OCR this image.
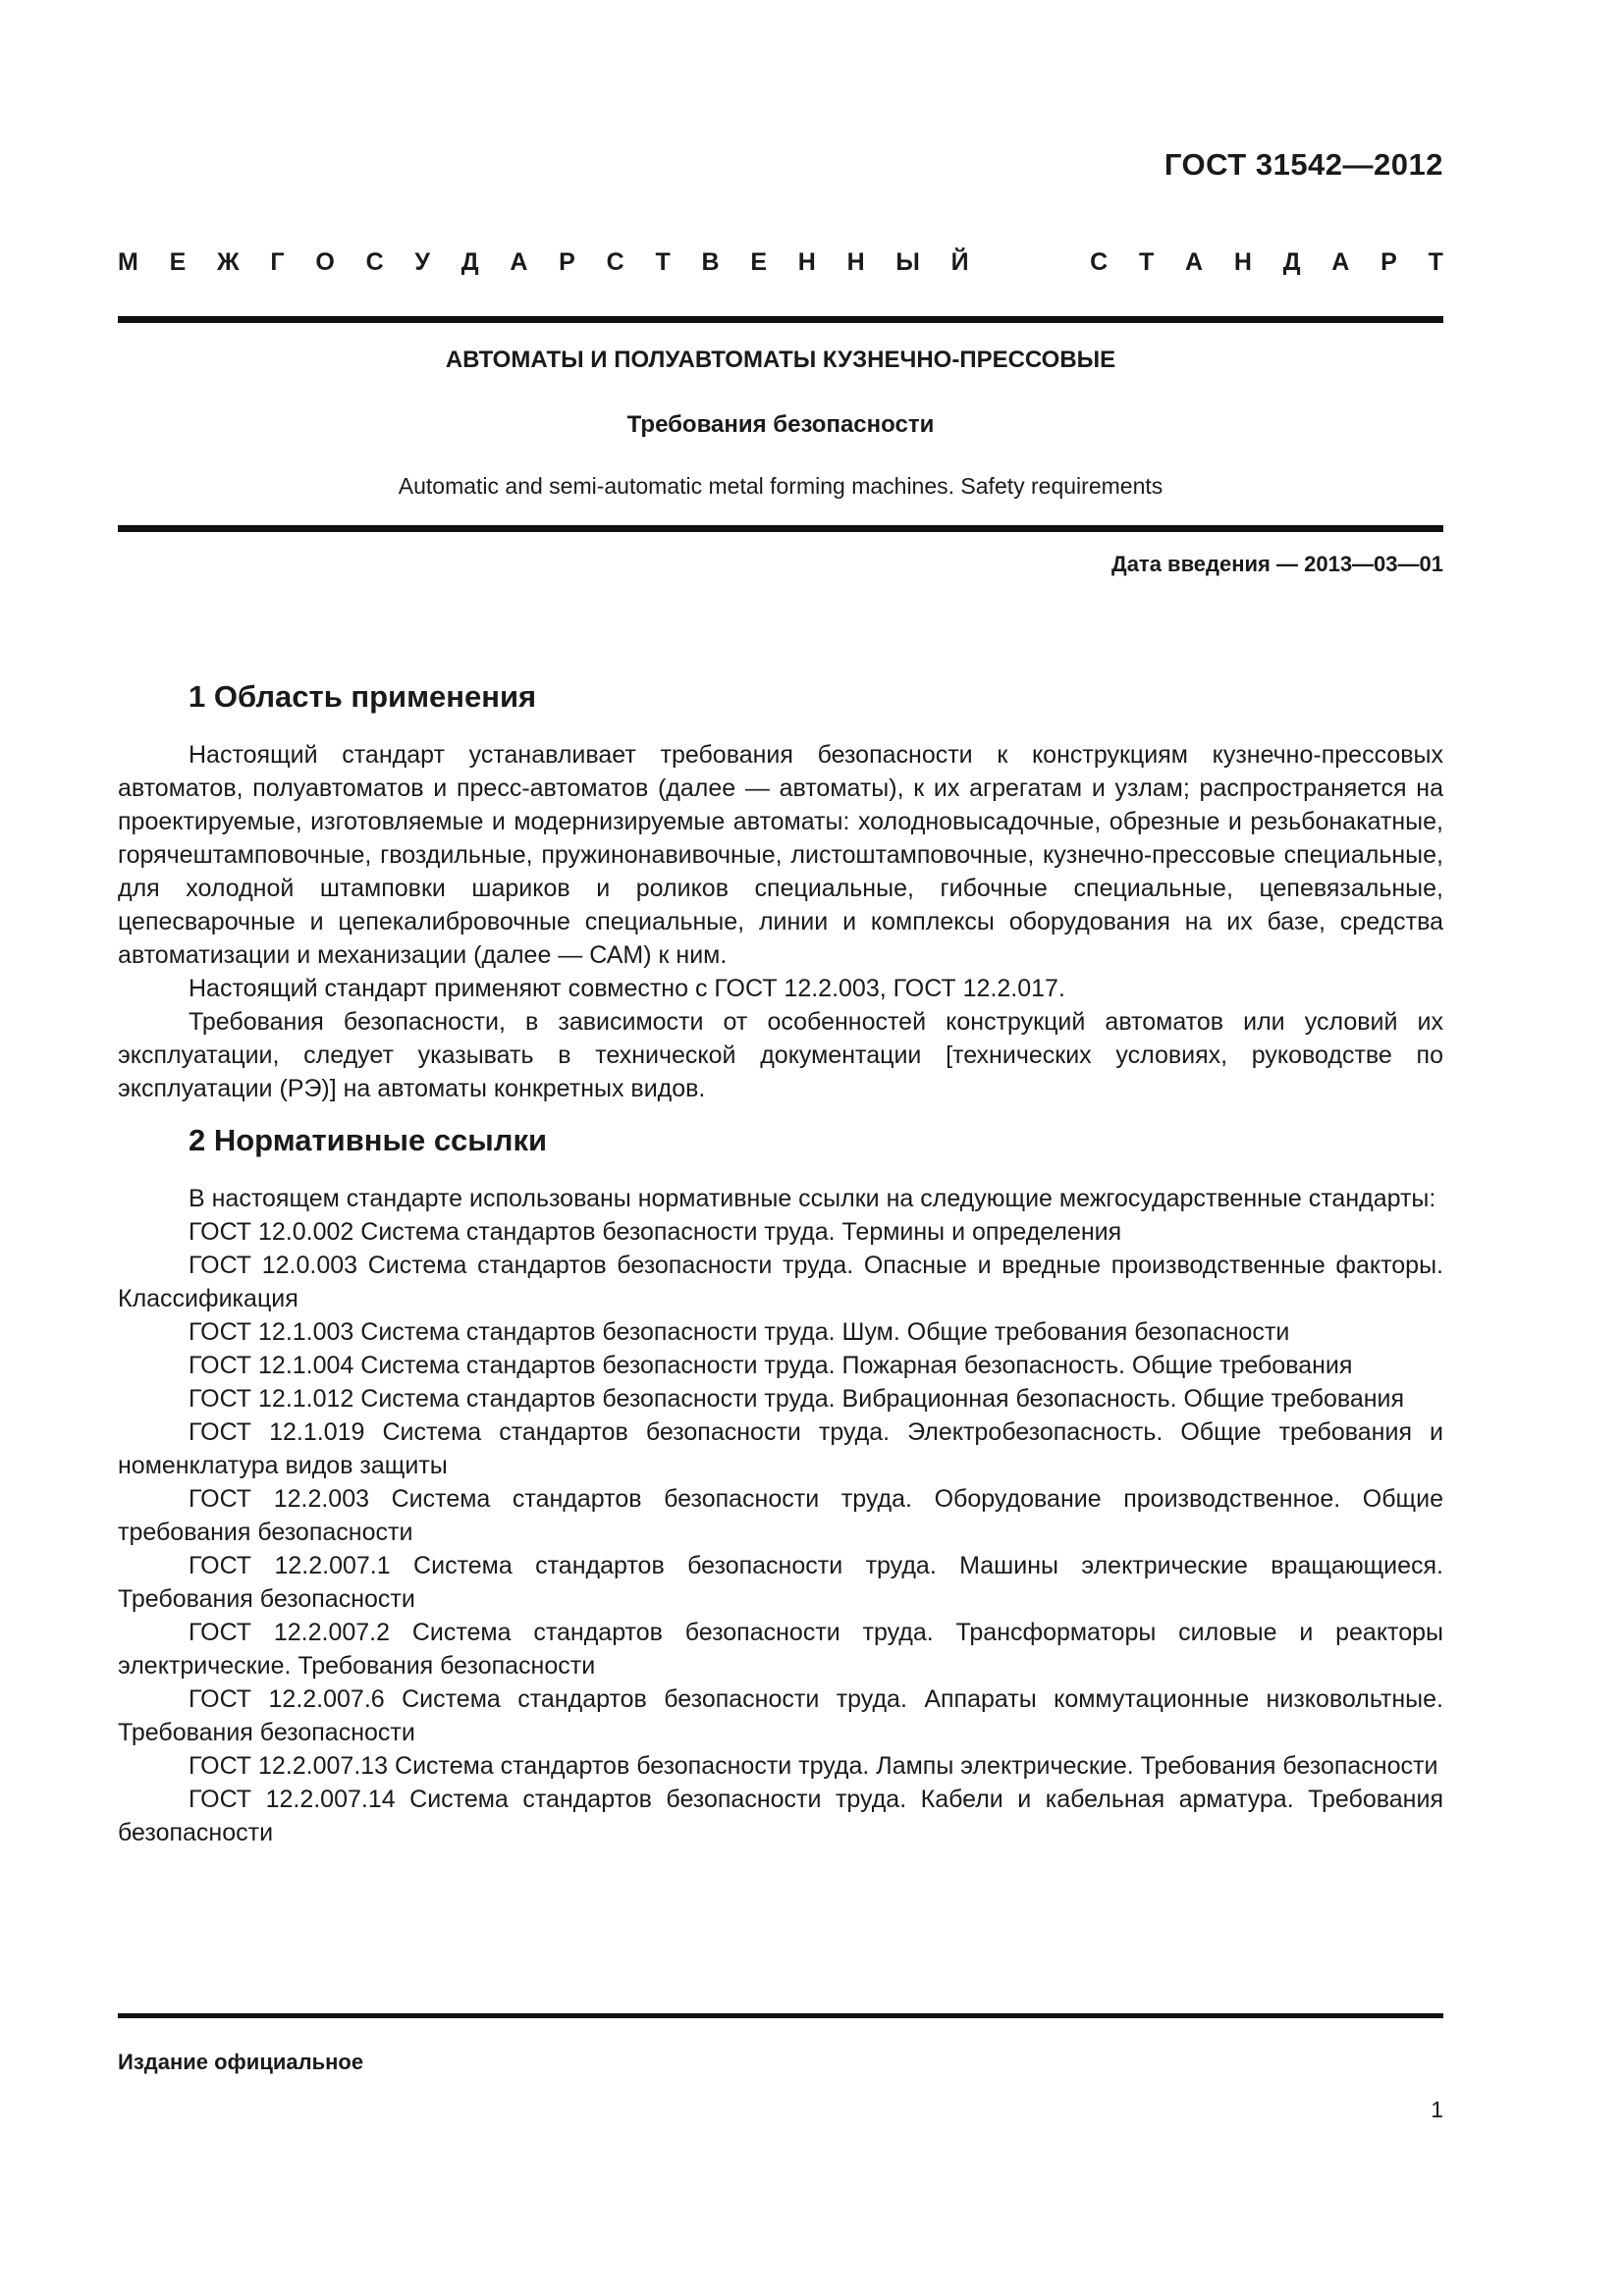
ГОСТ 31542—2012
М Е Ж Г О С У Д А Р С Т В Е Н Н Ы Й	С Т А Н Д А Р Т
АВТОМАТЫ И ПОЛУАВТОМАТЫ КУЗНЕЧНО-ПРЕССОВЫЕ
Требования безопасности
Automatic and semi-automatic metal forming machines. Safety requirements
Дата введения — 2013—03—01
1 Область применения

Настоящий стандарт устанавливает требования безопасности к конструкциям кузнечно-прессовых автоматов, полуавтоматов и пресс-автоматов (далее — автоматы), к их агрегатам и узлам; распространяется на проектируемые, изготовляемые и модернизируемые автоматы: холодновысадочные, обрезные и резьбонакатные, горячештамповочные, гвоздильные, пружинонавивочные, листоштамповочные, кузнечно-прессовые специальные, для холодной штамповки шариков и роликов специальные, гибочные специальные, цепевязальные, цепесварочные и цепекалибровочные специальные, линии и комплексы оборудования на их базе, средства автоматизации и механизации (далее — САМ) к ним.

Настоящий стандарт применяют совместно с ГОСТ 12.2.003, ГОСТ 12.2.017.

Требования безопасности, в зависимости от особенностей конструкций автоматов или условий их эксплуатации, следует указывать в технической документации [технических условиях, руководстве по эксплуатации (РЭ)] на автоматы конкретных видов.

2 Нормативные ссылки

В настоящем стандарте использованы нормативные ссылки на следующие межгосударственные стандарты:

ГОСТ 12.0.002 Система стандартов безопасности труда. Термины и определения

ГОСТ 12.0.003 Система стандартов безопасности труда. Опасные и вредные производственные факторы. Классификация

ГОСТ 12.1.003 Система стандартов безопасности труда. Шум. Общие требования безопасности

ГОСТ 12.1.004 Система стандартов безопасности труда. Пожарная безопасность. Общие требования

ГОСТ 12.1.012 Система стандартов безопасности труда. Вибрационная безопасность. Общие требования

ГОСТ 12.1.019 Система стандартов безопасности труда. Электробезопасность. Общие требования и номенклатура видов защиты

ГОСТ 12.2.003 Система стандартов безопасности труда. Оборудование производственное. Общие требования безопасности

ГОСТ 12.2.007.1 Система стандартов безопасности труда. Машины электрические вращающиеся. Требования безопасности

ГОСТ 12.2.007.2 Система стандартов безопасности труда. Трансформаторы силовые и реакторы электрические. Требования безопасности

ГОСТ 12.2.007.6 Система стандартов безопасности труда. Аппараты коммутационные низковольтные. Требования безопасности

ГОСТ 12.2.007.13 Система стандартов безопасности труда. Лампы электрические. Требования безопасности

ГОСТ 12.2.007.14 Система стандартов безопасности труда. Кабели и кабельная арматура. Требования безопасности

Издание официальное
1
